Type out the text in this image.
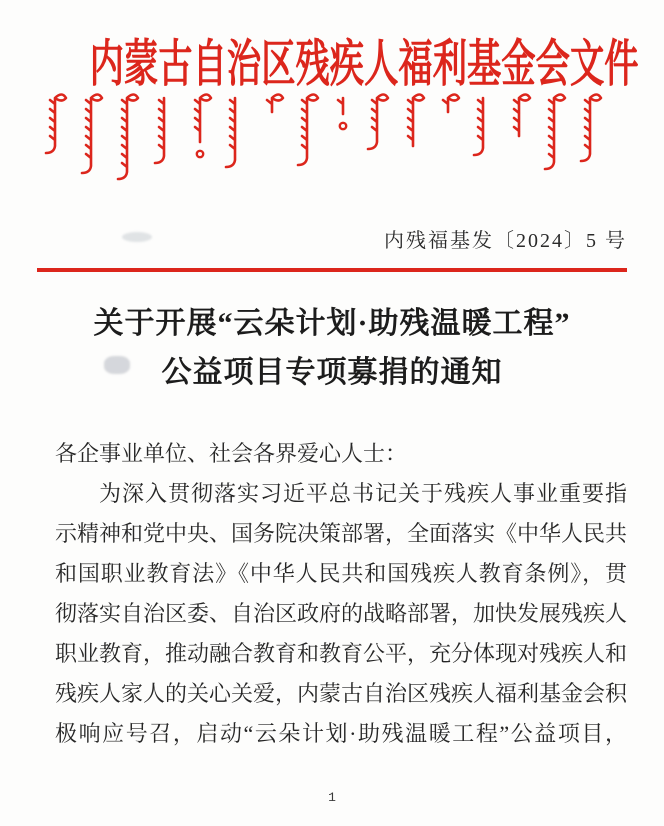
内蒙古自治区残疾人福利基金会文件
内残福基发〔2024〕5 号
关于开展“云朵计划·助残温暖工程”
公益项目专项募捐的通知
各企事业单位、社会各界爱心人士：
为深入贯彻落实习近平总书记关于残疾人事业重要指
示精神和党中央、国务院决策部署，全面落实《中华人民共
和国职业教育法》《中华人民共和国残疾人教育条例》，贯
彻落实自治区委、自治区政府的战略部署，加快发展残疾人
职业教育，推动融合教育和教育公平，充分体现对残疾人和
残疾人家人的关心关爱，内蒙古自治区残疾人福利基金会积
极响应号召，启动“云朵计划·助残温暖工程”公益项目，
1
